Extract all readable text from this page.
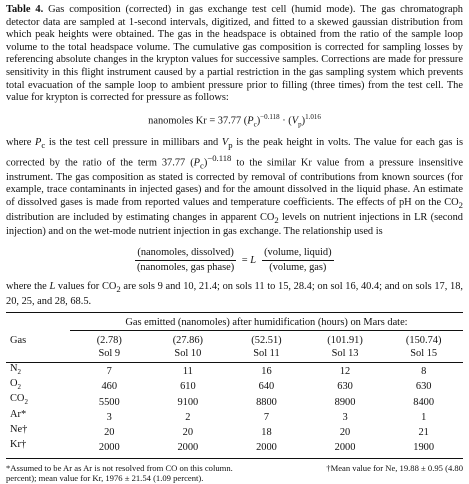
Table 4. Gas composition (corrected) in gas exchange test cell (humid mode). The gas chromatograph detector data are sampled at 1-second intervals, digitized, and fitted to a skewed gaussian distribution from which peak heights were obtained. The gas in the headspace is obtained from the ratio of the sample loop volume to the total headspace volume. The cumulative gas composition is corrected for sampling losses by referencing absolute changes in the krypton values for successive samples. Corrections are made for pressure sensitivity in this flight instrument caused by a partial restriction in the gas sampling system which prevents total evacuation of the sample loop to ambient pressure prior to filling (three times) from the test cell. The value for krypton is corrected for pressure as follows:

nanomoles Kr = 37.77 $(P_c)^{-0.118} \cdot (V_p)^{1.016}$

where $P_c$ is the test cell pressure in millibars and $V_p$ is the peak height in volts. The value for each gas is corrected by the ratio of the term 37.77 $(P_c)^{-0.118}$ to the similar Kr value from a pressure insensitive instrument. The gas composition as stated is corrected by removal of contributions from known sources (for example, trace contaminants in injected gases) and for the amount dissolved in the liquid phase. An estimate of dissolved gases is made from reported values and temperature coefficients. The effects of pH on the $CO_2$ distribution are included by estimating changes in apparent $CO_2$ levels on nutrient injections in LR (second injection) and on the wet-mode nutrient injection in gas exchange. The relationship used is

$\frac{\text{(nanomoles, dissolved)}}{\text{(nanomoles, gas phase)}} = L \frac{\text{(volume, liquid)}}{\text{(volume, gas)}}$

where the L values for $CO_2$ are sols 9 and 10, 21.4; on sols 11 to 15, 28.4; on sol 16, 40.4; and on sols 17, 18, 20, 25, and 28, 68.5.

	Gas emitted (nanomoles) after humidification (hours) on Mars date:				
Gas	(2.78)	(27.86)	(52.51)	(101.91)	(150.74)
	Sol 9	Sol 10	Sol 11	Sol 13	Sol 15
$N_2$	7	11	16	12	8
$O_2$	460	610	640	630	630
$CO_2$	5500	9100	8800	8900	8400
Ar*	3	2	7	3	1
Ne†	20	20	18	20	21
Kr†	2000	2000	2000	2000	1900
*Assumed to be Ar as Ar is not resolved from CO on this column.	†Mean value for Ne, 19.88 ± 0.95 (4.80
percent); mean value for Kr, 1976 ± 21.54 (1.09 percent).
